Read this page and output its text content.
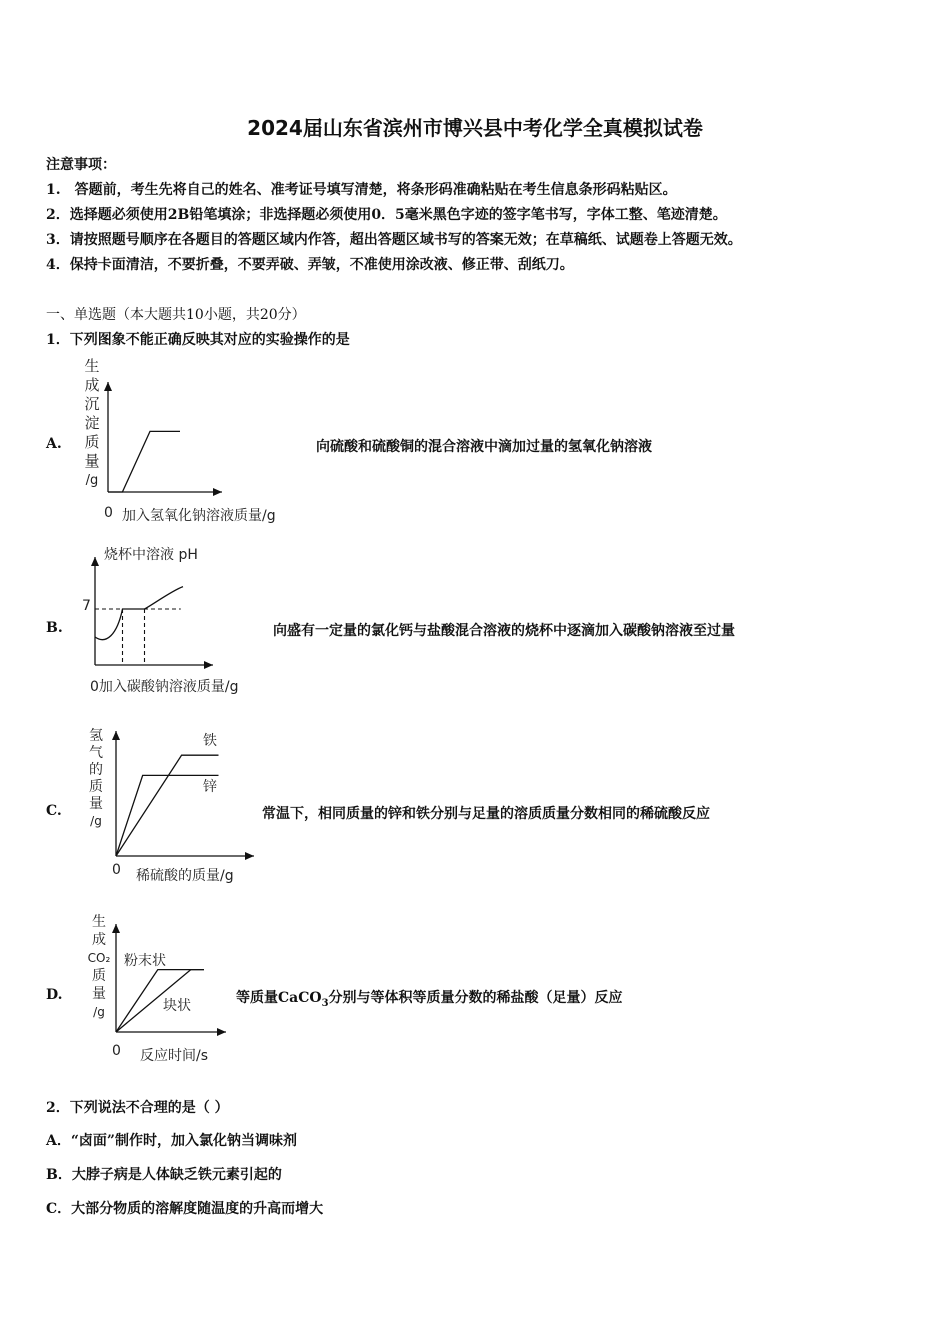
2024届山东省滨州市博兴县中考化学全真模拟试卷
注意事项：
1.　答题前，考生先将自己的姓名、准考证号填写清楚，将条形码准确粘贴在考生信息条形码粘贴区。
2．选择题必须使用2B铅笔填涂；非选择题必须使用0．5毫米黑色字迹的签字笔书写，字体工整、笔迹清楚。
3．请按照题号顺序在各题目的答题区域内作答，超出答题区域书写的答案无效；在草稿纸、试题卷上答题无效。
4．保持卡面清洁，不要折叠，不要弄破、弄皱，不准使用涂改液、修正带、刮纸刀。
一、单选题（本大题共10小题，共20分）
1．下列图象不能正确反映其对应的实验操作的是
A.
生
成
沉
淀
质
量
/g
0 加入氢氧化钠溶液质量/g
向硫酸和硫酸铜的混合溶液中滴加过量的氢氧化钠溶液
B.
烧杯中溶液 pH
7
0加入碳酸钠溶液质量/g
向盛有一定量的氯化钙与盐酸混合溶液的烧杯中逐滴加入碳酸钠溶液至过量
C.
氢
气
的
质
量
/g
铁
锌
0 稀硫酸的质量/g
常温下，相同质量的锌和铁分别与足量的溶质质量分数相同的稀硫酸反应
D.
生
成
CO₂
质
量
/g
粉末状
块状
0 反应时间/s
等质量CaCO$_3$分别与等体积等质量分数的稀盐酸（足量）反应
2．下列说法不合理的是（ ）
A．“卤面”制作时，加入氯化钠当调味剂
B．大脖子病是人体缺乏铁元素引起的
C．大部分物质的溶解度随温度的升高而增大
